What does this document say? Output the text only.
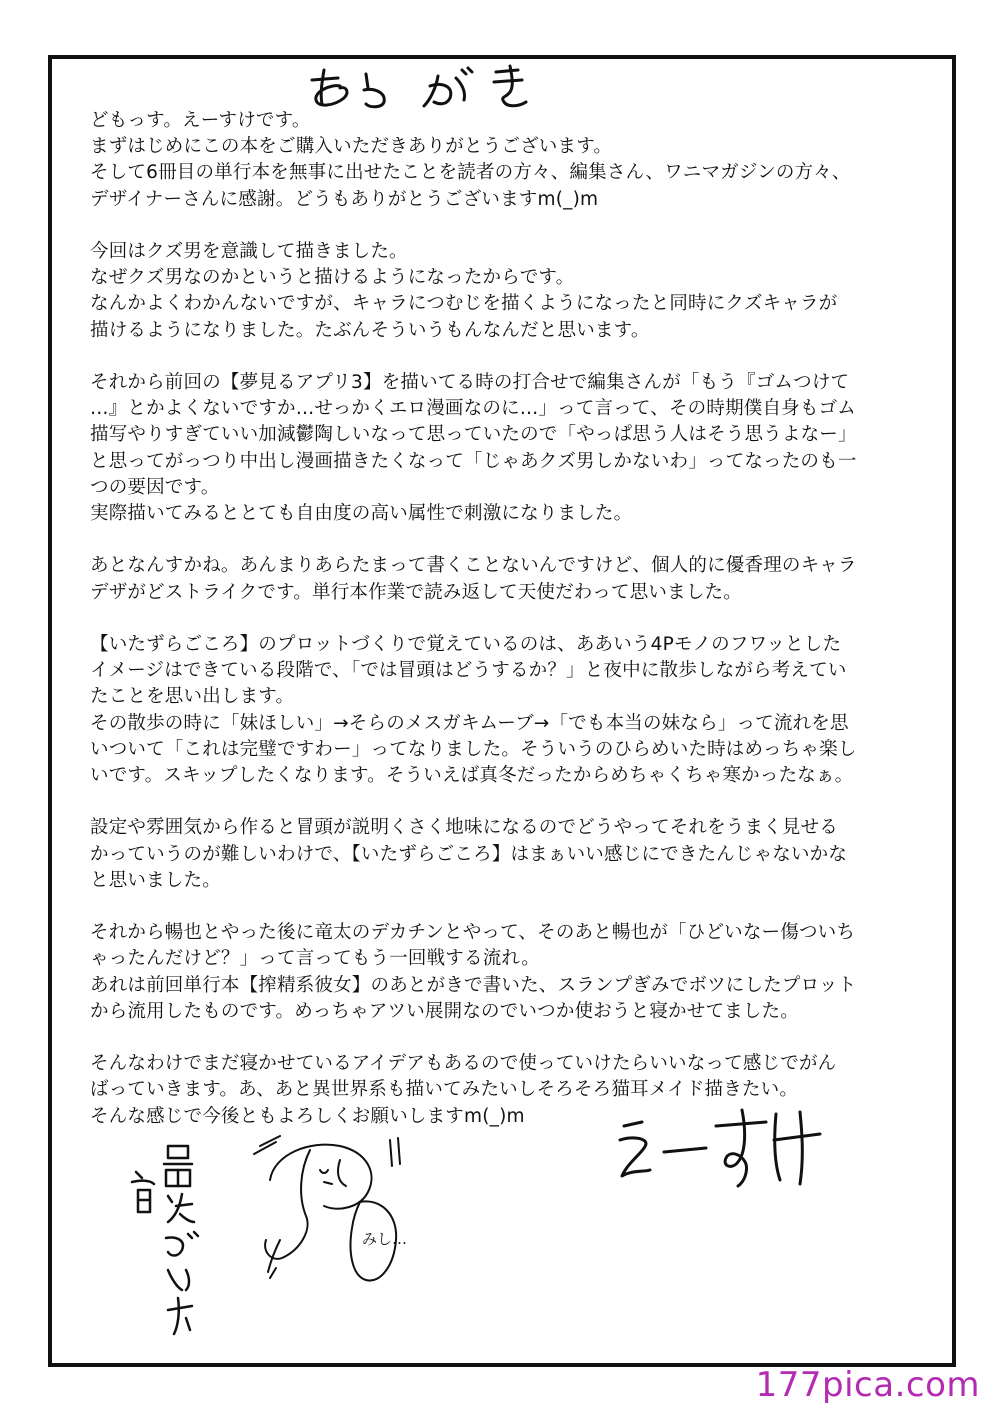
どもっす。えーすけです。
まずはじめにこの本をご購入いただきありがとうございます。
そして6冊目の単行本を無事に出せたことを読者の方々、編集さん、ワニマガジンの方々、
デザイナーさんに感謝。どうもありがとうございますm(_)m

今回はクズ男を意識して描きました。
なぜクズ男なのかというと描けるようになったからです。
なんかよくわかんないですが、キャラにつむじを描くようになったと同時にクズキャラが
描けるようになりました。たぶんそういうもんなんだと思います。

それから前回の【夢見るアプリ3】を描いてる時の打合せで編集さんが「もう『ゴムつけて
…』とかよくないですか…せっかくエロ漫画なのに…」って言って、その時期僕自身もゴム
描写やりすぎていい加減鬱陶しいなって思っていたので「やっぱ思う人はそう思うよなー」
と思ってがっつり中出し漫画描きたくなって「じゃあクズ男しかないわ」ってなったのも一
つの要因です。
実際描いてみるととても自由度の高い属性で刺激になりました。

あとなんすかね。あんまりあらたまって書くことないんですけど、個人的に優香理のキャラ
デザがどストライクです。単行本作業で読み返して天使だわって思いました。

【いたずらごころ】のプロットづくりで覚えているのは、ああいう4Pモノのフワッとした
イメージはできている段階で、「では冒頭はどうするか？」と夜中に散歩しながら考えてい
たことを思い出します。
その散歩の時に「妹ほしい」→そらのメスガキムーブ→「でも本当の妹なら」って流れを思
いついて「これは完璧ですわー」ってなりました。そういうのひらめいた時はめっちゃ楽し
いです。スキップしたくなります。そういえば真冬だったからめちゃくちゃ寒かったなぁ。

設定や雰囲気から作ると冒頭が説明くさく地味になるのでどうやってそれをうまく見せる
かっていうのが難しいわけで、【いたずらごころ】はまぁいい感じにできたんじゃないかな
と思いました。

それから暢也とやった後に竜太のデカチンとやって、そのあと暢也が「ひどいなー傷ついち
ゃったんだけど？」って言ってもう一回戦する流れ。
あれは前回単行本【搾精系彼女】のあとがきで書いた、スランプぎみでボツにしたプロット
から流用したものです。めっちゃアツい展開なのでいつか使おうと寝かせてました。

そんなわけでまだ寝かせているアイデアもあるので使っていけたらいいなって感じでがん
ばっていきます。あ、あと異世界系も描いてみたいしそろそろ猫耳メイド描きたい。
そんな感じで今後ともよろしくお願いしますm(_)m

みし…
177pica.com
